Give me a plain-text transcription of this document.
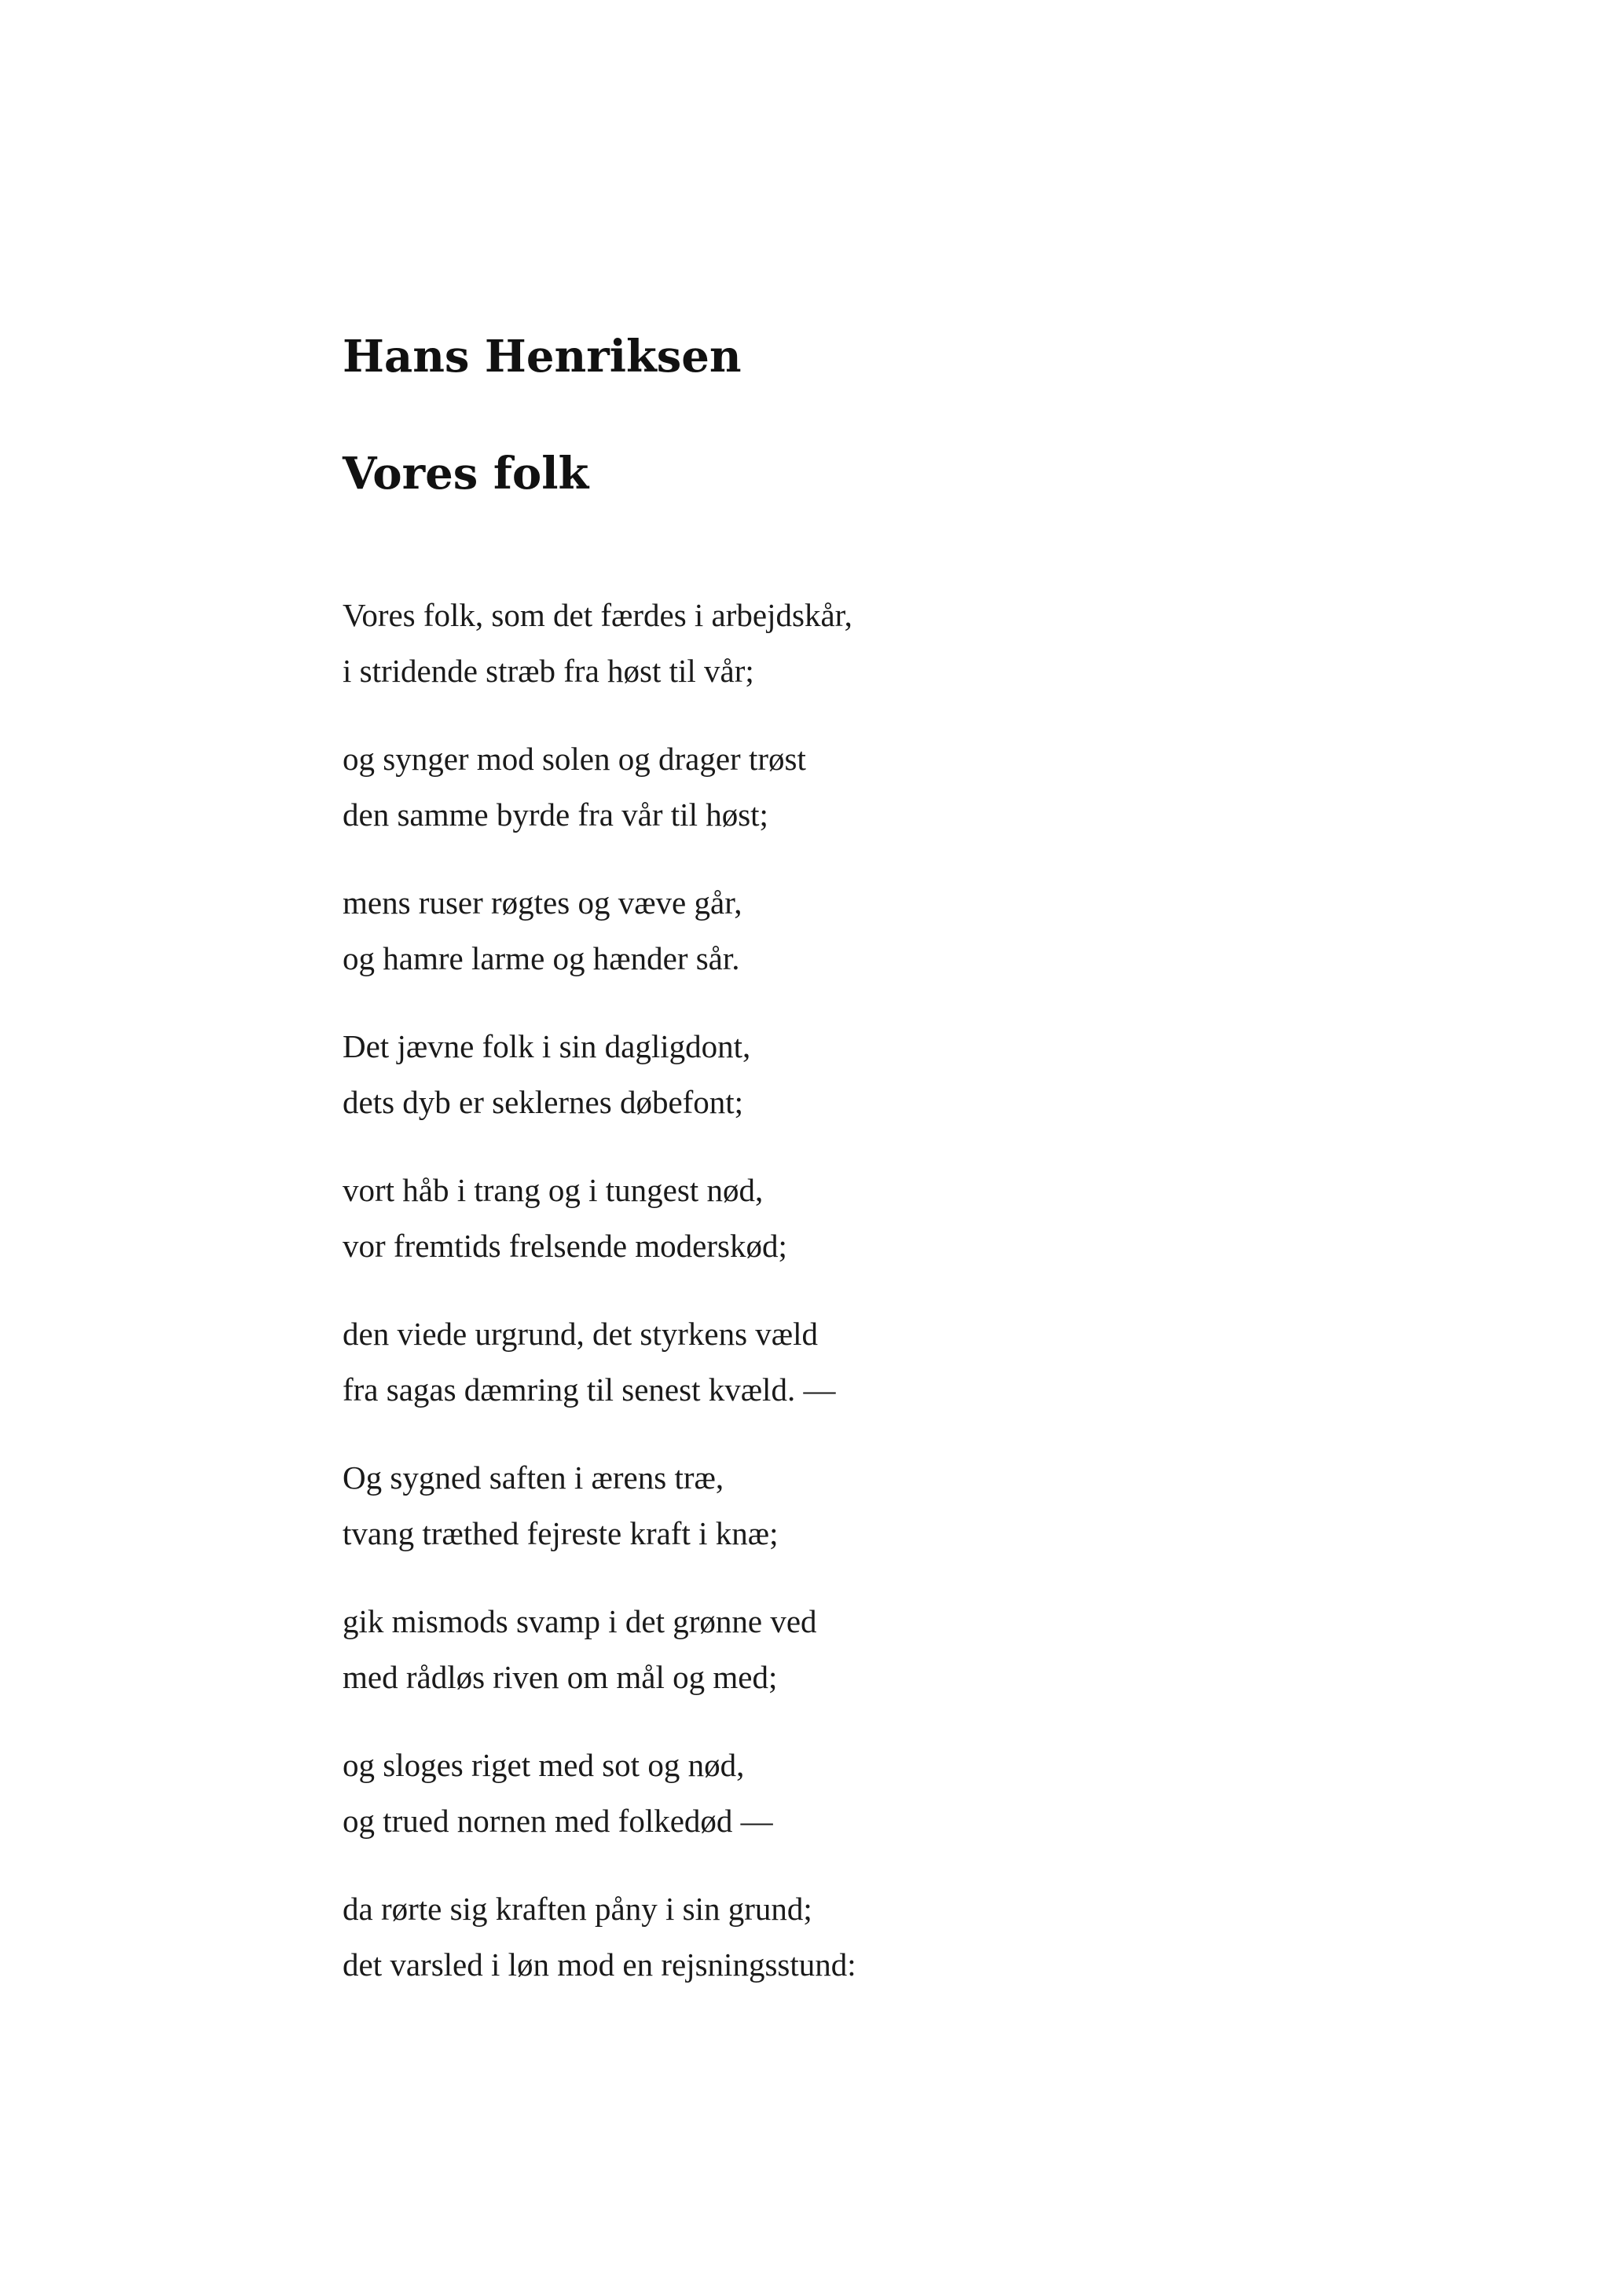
Hans Henriksen
Vores folk

Vores folk, som det færdes i arbejdskår,
i stridende stræb fra høst til vår;

og synger mod solen og drager trøst
den samme byrde fra vår til høst;

mens ruser røgtes og væve går,
og hamre larme og hænder sår.

Det jævne folk i sin dagligdont,
dets dyb er seklernes døbefont;

vort håb i trang og i tungest nød,
vor fremtids frelsende moderskød;

den viede urgrund, det styrkens væld
fra sagas dæmring til senest kvæld. —

Og sygned saften i ærens træ,
tvang træthed fejreste kraft i knæ;

gik mismods svamp i det grønne ved
med rådløs riven om mål og med;

og sloges riget med sot og nød,
og trued nornen med folkedød —

da rørte sig kraften påny i sin grund;
det varsled i løn mod en rejsningsstund:
